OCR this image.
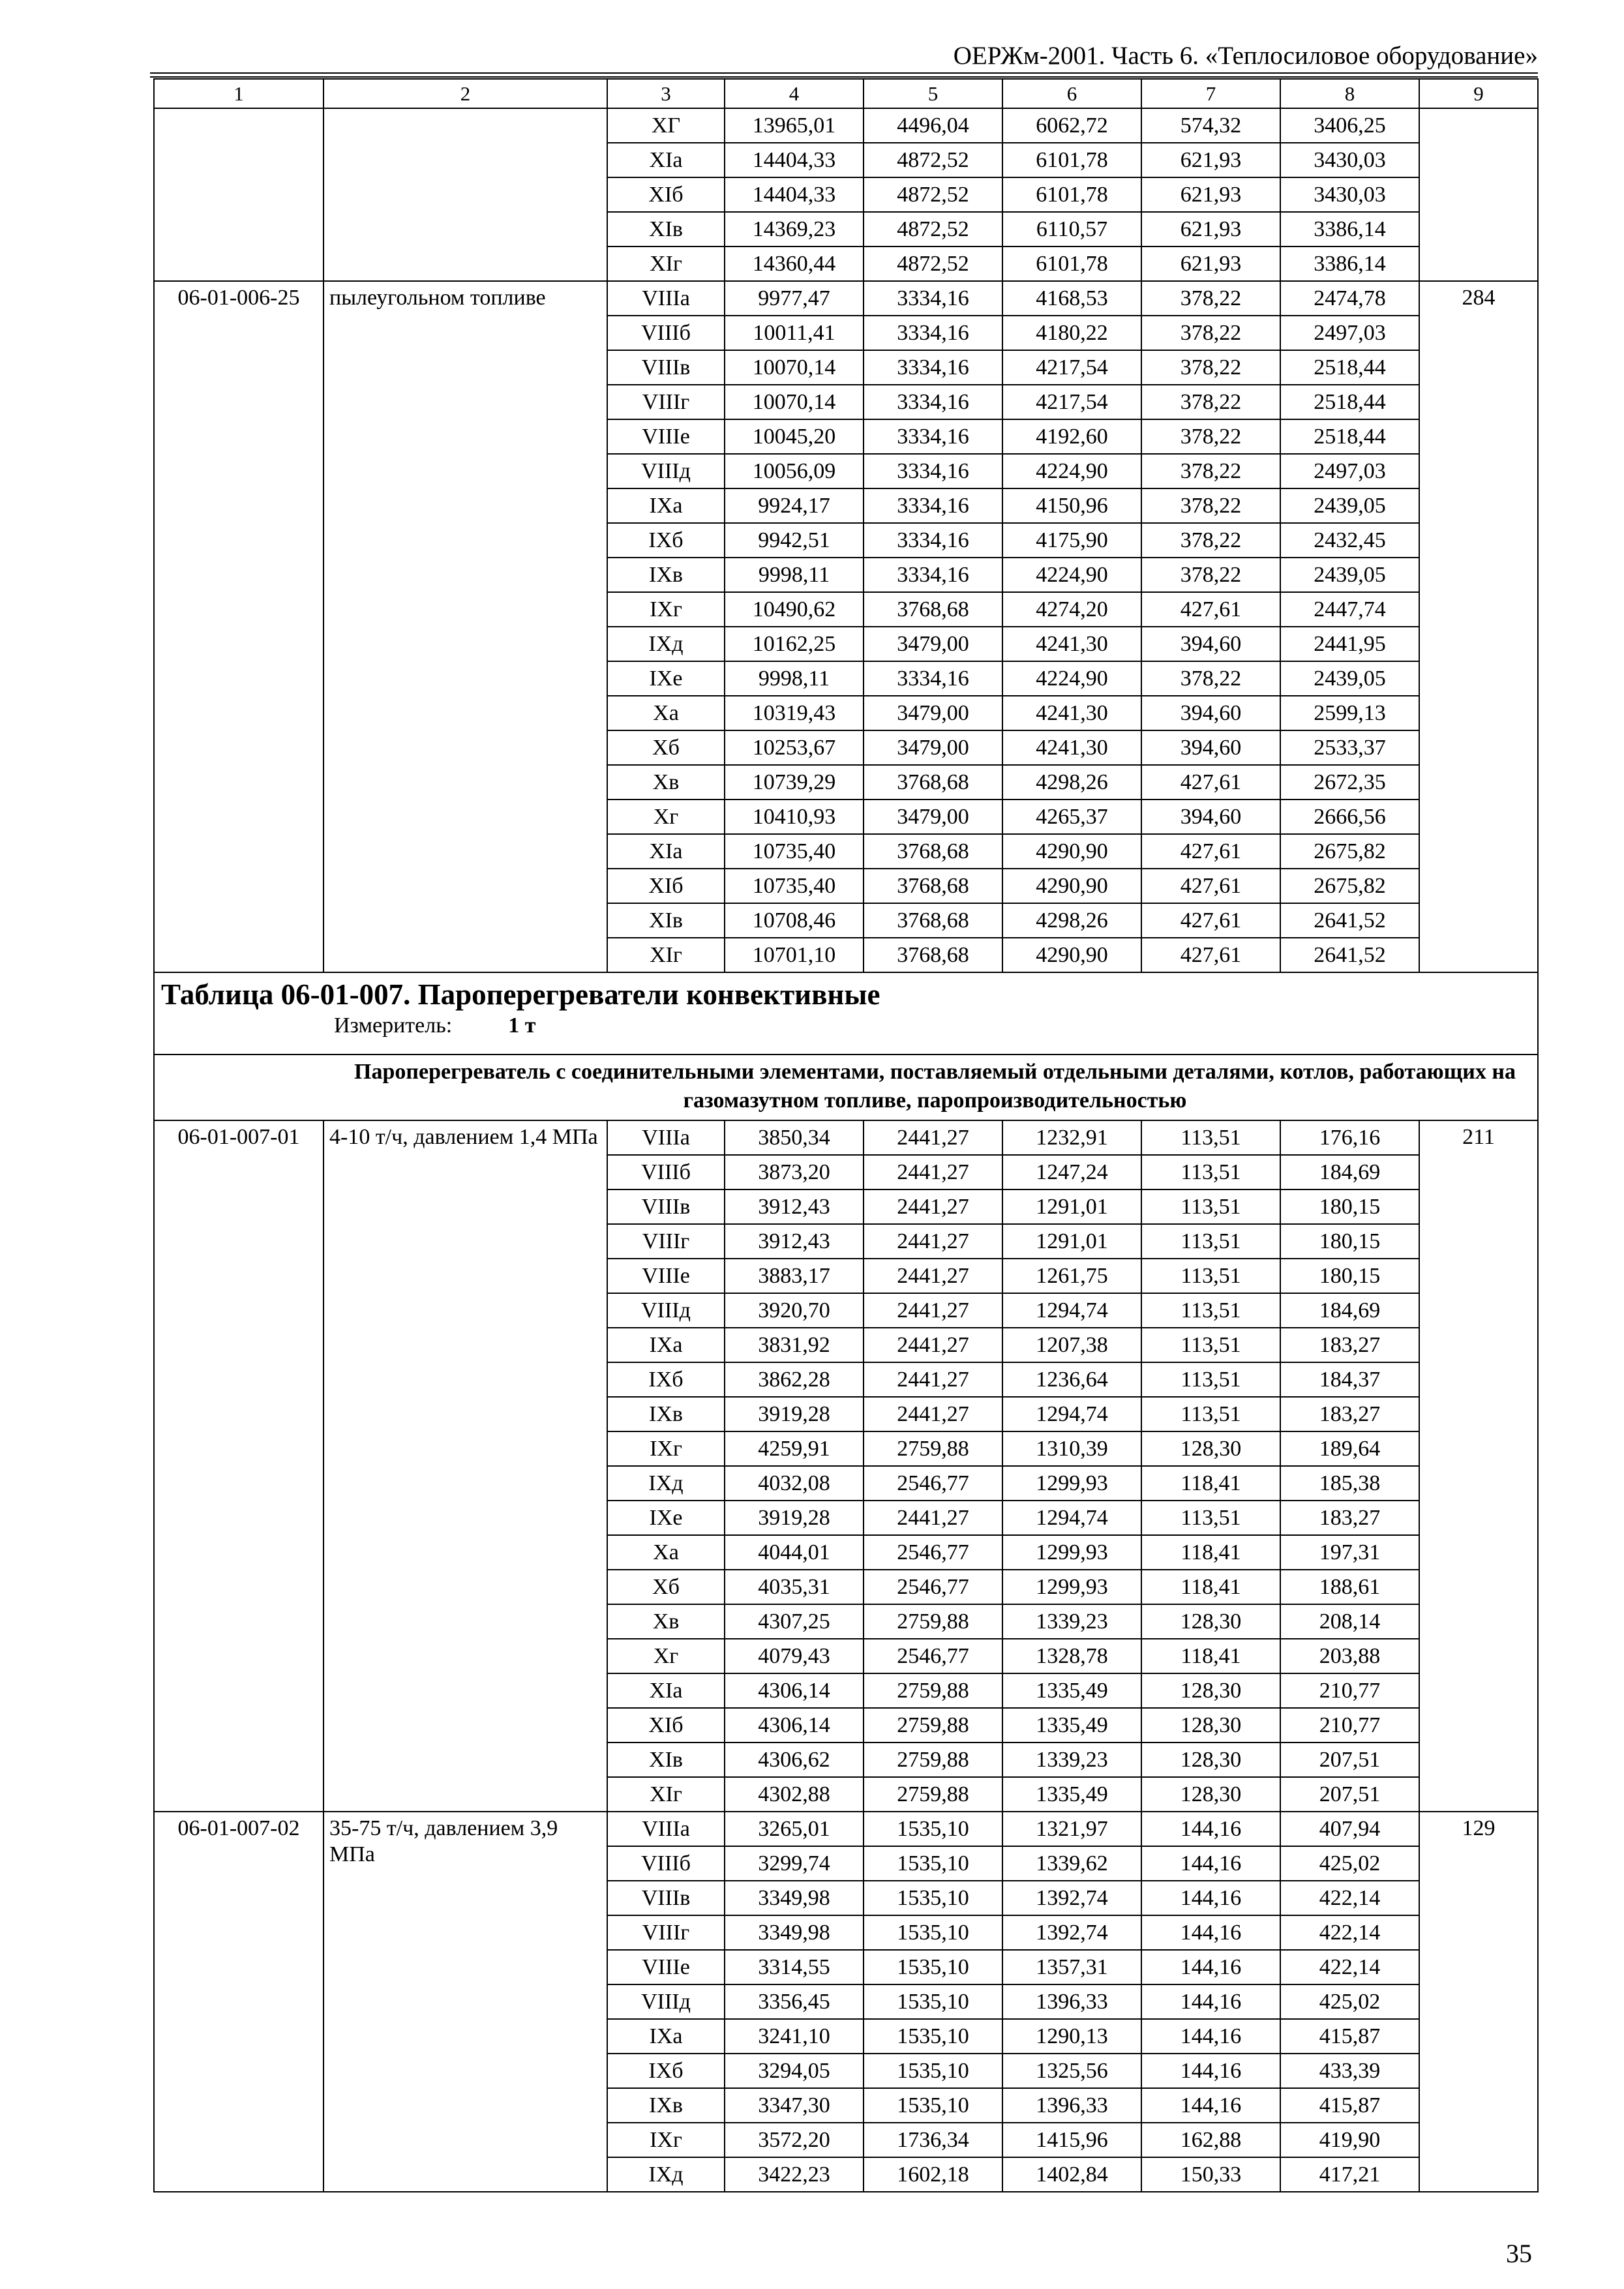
ОЕРЖм-2001. Часть 6. «Теплосиловое оборудование»
1	2	3	4	5	6	7	8	9
		XГ	13965,01	4496,04	6062,72	574,32	3406,25	
		XIа	14404,33	4872,52	6101,78	621,93	3430,03	
		XIб	14404,33	4872,52	6101,78	621,93	3430,03	
		XIв	14369,23	4872,52	6110,57	621,93	3386,14	
		XIг	14360,44	4872,52	6101,78	621,93	3386,14	
06-01-006-25	пылеугольном топливе	VIIIа	9977,47	3334,16	4168,53	378,22	2474,78	284
		VIIIб	10011,41	3334,16	4180,22	378,22	2497,03	
		VIIIв	10070,14	3334,16	4217,54	378,22	2518,44	
		VIIIг	10070,14	3334,16	4217,54	378,22	2518,44	
		VIIIе	10045,20	3334,16	4192,60	378,22	2518,44	
		VIIIд	10056,09	3334,16	4224,90	378,22	2497,03	
		IXа	9924,17	3334,16	4150,96	378,22	2439,05	
		IXб	9942,51	3334,16	4175,90	378,22	2432,45	
		IXв	9998,11	3334,16	4224,90	378,22	2439,05	
		IXг	10490,62	3768,68	4274,20	427,61	2447,74	
		IXд	10162,25	3479,00	4241,30	394,60	2441,95	
		IXе	9998,11	3334,16	4224,90	378,22	2439,05	
		Xа	10319,43	3479,00	4241,30	394,60	2599,13	
		Xб	10253,67	3479,00	4241,30	394,60	2533,37	
		Xв	10739,29	3768,68	4298,26	427,61	2672,35	
		Xг	10410,93	3479,00	4265,37	394,60	2666,56	
		XIа	10735,40	3768,68	4290,90	427,61	2675,82	
		XIб	10735,40	3768,68	4290,90	427,61	2675,82	
		XIв	10708,46	3768,68	4298,26	427,61	2641,52	
		XIг	10701,10	3768,68	4290,90	427,61	2641,52	

Таблица 06-01-007. Пароперегреватели конвективные
Измеритель: 1 т								

Пароперегреватель с соединительными элементами, поставляемый отдельными деталями, котлов, работающих на газомазутном топливе, паропроизводительностью								

06-01-007-01	4-10 т/ч, давлением 1,4 МПа	VIIIа	3850,34	2441,27	1232,91	113,51	176,16	211
		VIIIб	3873,20	2441,27	1247,24	113,51	184,69	
		VIIIв	3912,43	2441,27	1291,01	113,51	180,15	
		VIIIг	3912,43	2441,27	1291,01	113,51	180,15	
		VIIIе	3883,17	2441,27	1261,75	113,51	180,15	
		VIIIд	3920,70	2441,27	1294,74	113,51	184,69	
		IXа	3831,92	2441,27	1207,38	113,51	183,27	
		IXб	3862,28	2441,27	1236,64	113,51	184,37	
		IXв	3919,28	2441,27	1294,74	113,51	183,27	
		IXг	4259,91	2759,88	1310,39	128,30	189,64	
		IXд	4032,08	2546,77	1299,93	118,41	185,38	
		IXе	3919,28	2441,27	1294,74	113,51	183,27	
		Xа	4044,01	2546,77	1299,93	118,41	197,31	
		Xб	4035,31	2546,77	1299,93	118,41	188,61	
		Xв	4307,25	2759,88	1339,23	128,30	208,14	
		Xг	4079,43	2546,77	1328,78	118,41	203,88	
		XIа	4306,14	2759,88	1335,49	128,30	210,77	
		XIб	4306,14	2759,88	1335,49	128,30	210,77	
		XIв	4306,62	2759,88	1339,23	128,30	207,51	
		XIг	4302,88	2759,88	1335,49	128,30	207,51	
06-01-007-02	35-75 т/ч, давлением 3,9 МПа	VIIIа	3265,01	1535,10	1321,97	144,16	407,94	129
		VIIIб	3299,74	1535,10	1339,62	144,16	425,02	
		VIIIв	3349,98	1535,10	1392,74	144,16	422,14	
		VIIIг	3349,98	1535,10	1392,74	144,16	422,14	
		VIIIе	3314,55	1535,10	1357,31	144,16	422,14	
		VIIIд	3356,45	1535,10	1396,33	144,16	425,02	
		IXа	3241,10	1535,10	1290,13	144,16	415,87	
		IXб	3294,05	1535,10	1325,56	144,16	433,39	
		IXв	3347,30	1535,10	1396,33	144,16	415,87	
		IXг	3572,20	1736,34	1415,96	162,88	419,90	
		IXд	3422,23	1602,18	1402,84	150,33	417,21	
35
